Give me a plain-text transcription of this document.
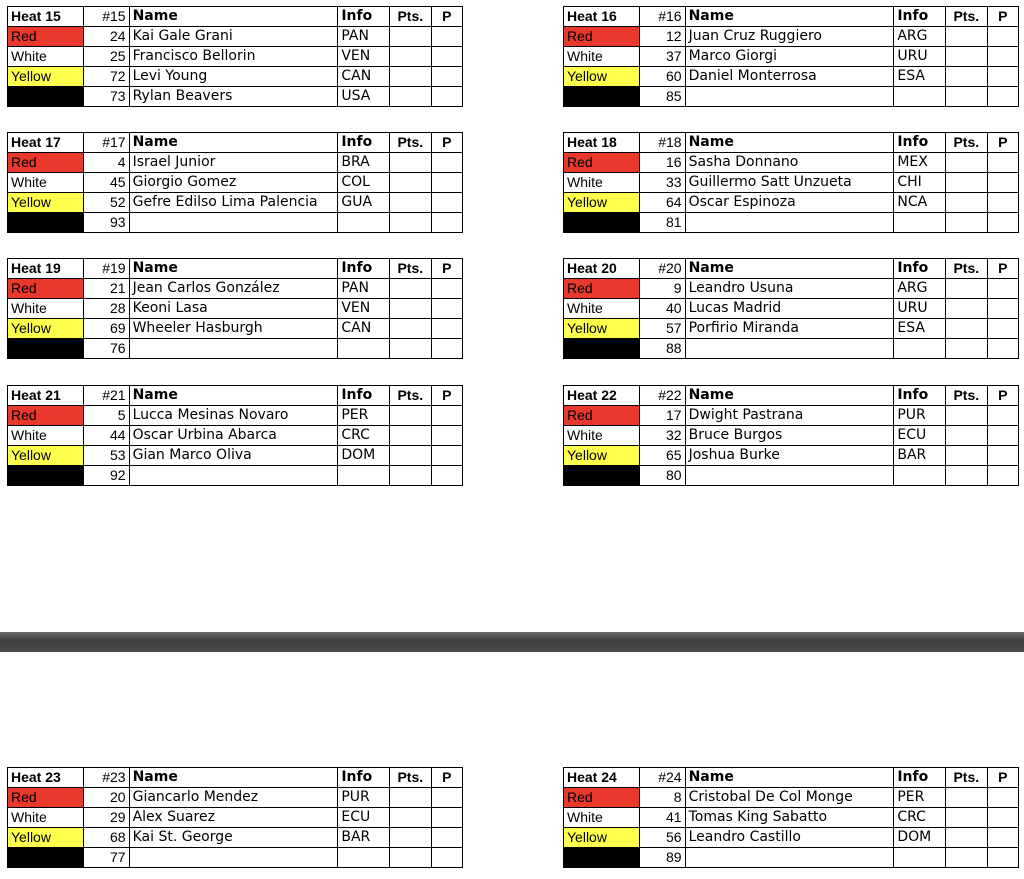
Heat 15	#15	Name	Info	Pts.	P
Red	24	Kai Gale Grani	PAN		
White	25	Francisco Bellorin	VEN		
Yellow	72	Levi Young	CAN		
Black	73	Rylan Beavers	USA		
Heat 16	#16	Name	Info	Pts.	P
Red	12	Juan Cruz Ruggiero	ARG		
White	37	Marco Giorgi	URU		
Yellow	60	Daniel Monterrosa	ESA		
Black	85				
Heat 17	#17	Name	Info	Pts.	P
Red	4	Israel Junior	BRA		
White	45	Giorgio Gomez	COL		
Yellow	52	Gefre Edilso Lima Palencia	GUA		
Black	93				
Heat 18	#18	Name	Info	Pts.	P
Red	16	Sasha Donnano	MEX		
White	33	Guillermo Satt Unzueta	CHI		
Yellow	64	Oscar Espinoza	NCA		
Black	81				
Heat 19	#19	Name	Info	Pts.	P
Red	21	Jean Carlos González	PAN		
White	28	Keoni Lasa	VEN		
Yellow	69	Wheeler Hasburgh	CAN		
Black	76				
Heat 20	#20	Name	Info	Pts.	P
Red	9	Leandro Usuna	ARG		
White	40	Lucas Madrid	URU		
Yellow	57	Porfirio Miranda	ESA		
Black	88				
Heat 21	#21	Name	Info	Pts.	P
Red	5	Lucca Mesinas Novaro	PER		
White	44	Oscar Urbina Abarca	CRC		
Yellow	53	Gian Marco Oliva	DOM		
Black	92				
Heat 22	#22	Name	Info	Pts.	P
Red	17	Dwight Pastrana	PUR		
White	32	Bruce Burgos	ECU		
Yellow	65	Joshua Burke	BAR		
Black	80				
Heat 23	#23	Name	Info	Pts.	P
Red	20	Giancarlo Mendez	PUR		
White	29	Alex Suarez	ECU		
Yellow	68	Kai St. George	BAR		
Black	77				
Heat 24	#24	Name	Info	Pts.	P
Red	8	Cristobal De Col Monge	PER		
White	41	Tomas King Sabatto	CRC		
Yellow	56	Leandro Castillo	DOM		
Black	89				
